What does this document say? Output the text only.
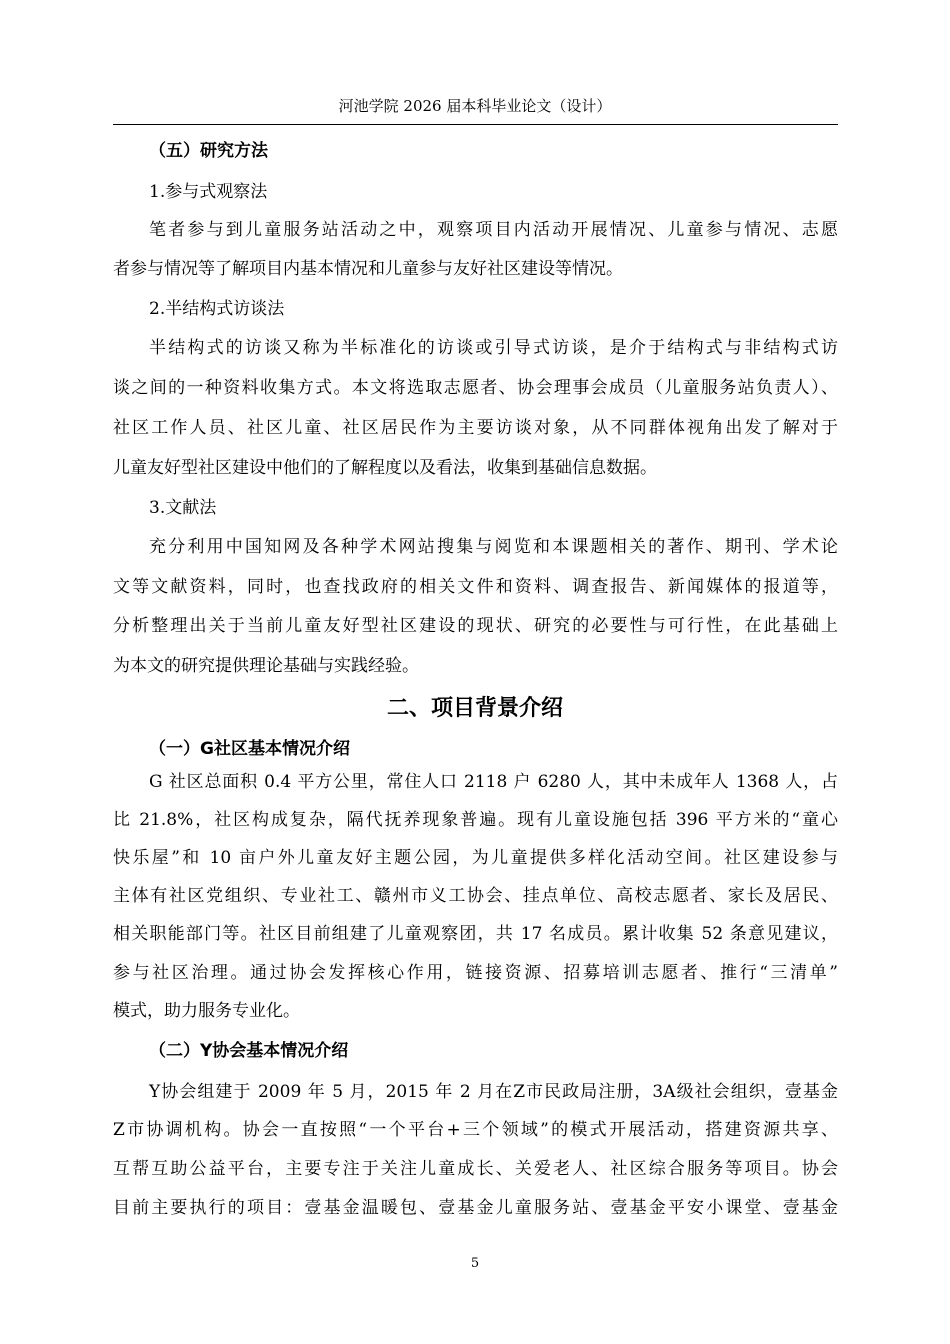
河池学院 2026 届本科毕业论文（设计）
（五）研究方法
1.参与式观察法
笔者参与到儿童服务站活动之中，观察项目内活动开展情况、儿童参与情况、志愿
者参与情况等了解项目内基本情况和儿童参与友好社区建设等情况。
2.半结构式访谈法
半结构式的访谈又称为半标准化的访谈或引导式访谈，是介于结构式与非结构式访
谈之间的一种资料收集方式。本文将选取志愿者、协会理事会成员（儿童服务站负责人）、
社区工作人员、社区儿童、社区居民作为主要访谈对象，从不同群体视角出发了解对于
儿童友好型社区建设中他们的了解程度以及看法，收集到基础信息数据。
3.文献法
充分利用中国知网及各种学术网站搜集与阅览和本课题相关的著作、期刊、学术论
文等文献资料，同时，也查找政府的相关文件和资料、调查报告、新闻媒体的报道等，
分析整理出关于当前儿童友好型社区建设的现状、研究的必要性与可行性，在此基础上
为本文的研究提供理论基础与实践经验。
二、项目背景介绍
（一）G社区基本情况介绍
G 社区总面积 0.4 平方公里，常住人口 2118 户 6280 人，其中未成年人 1368 人，占
比 21.8%，社区构成复杂，隔代抚养现象普遍。现有儿童设施包括 396 平方米的“童心
快乐屋”和 10 亩户外儿童友好主题公园，为儿童提供多样化活动空间。社区建设参与
主体有社区党组织、专业社工、赣州市义工协会、挂点单位、高校志愿者、家长及居民、
相关职能部门等。社区目前组建了儿童观察团，共 17 名成员。累计收集 52 条意见建议，
参与社区治理。通过协会发挥核心作用，链接资源、招募培训志愿者、推行“三清单”
模式，助力服务专业化。
（二）Y协会基本情况介绍
Y协会组建于 2009 年 5 月，2015 年 2 月在Z市民政局注册，3A级社会组织，壹基金
Z市协调机构。协会一直按照“一个平台+三个领域”的模式开展活动，搭建资源共享、
互帮互助公益平台，主要专注于关注儿童成长、关爱老人、社区综合服务等项目。协会
目前主要执行的项目：壹基金温暖包、壹基金儿童服务站、壹基金平安小课堂、壹基金
5
